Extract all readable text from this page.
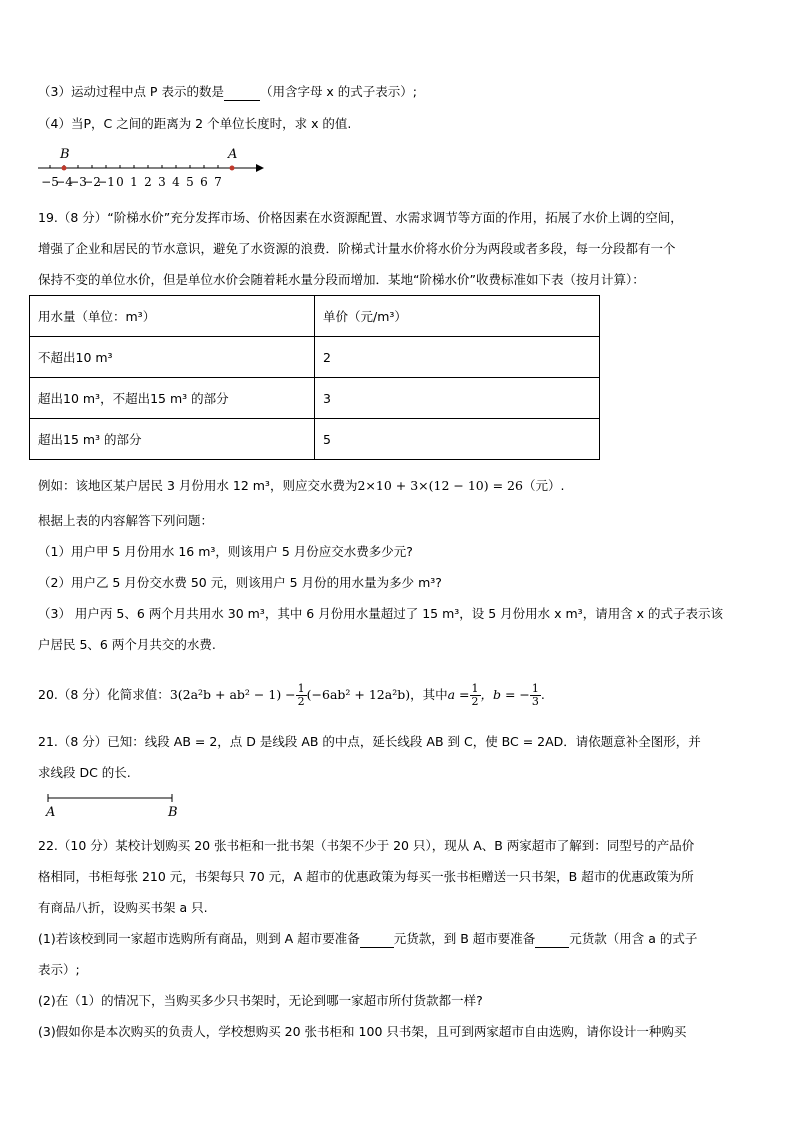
（3）运动过程中点 P 表示的数是	（用含字母 x 的式子表示）;
（4）当P，C 之间的距离为 2 个单位长度时，求 x 的值.
−5
−4
−3
−2
−1 0 1 2 3 4 5 6 7
B	A
19.（8 分）“阶梯水价”充分发挥市场、价格因素在水资源配置、水需求调节等方面的作用，拓展了水价上调的空间，
增强了企业和居民的节水意识，避免了水资源的浪费．阶梯式计量水价将水价分为两段或者多段，每一分段都有一个
保持不变的单位水价，但是单位水价会随着耗水量分段而增加．某地“阶梯水价”收费标准如下表（按月计算）：
用水量（单位：m³）	单价（元/m³）
不超出10 m³	2
超出10 m³，不超出15 m³ 的部分	3
超出15 m³ 的部分	5
例如：该地区某户居民 3 月份用水 12 m³，则应交水费为2×10 + 3×(12 − 10) = 26（元）.
根据上表的内容解答下列问题：
（1）用户甲 5 月份用水 16 m³，则该用户 5 月份应交水费多少元?
（2）用户乙 5 月份交水费 50 元，则该用户 5 月份的用水量为多少 m³?
（3） 用户丙 5、6 两个月共用水 30 m³，其中 6 月份用水量超过了 15 m³，设 5 月份用水 x m³，请用含 x 的式子表示该
户居民 5、6 两个月共交的水费.
20.（8 分）化简求值：$3(2a^2b + ab^2 - 1) - \frac{1}{2} (-6ab^2 + 12a^2b)$，其中$a = \frac{1}{2}$ ，b = − $\frac{1}{3}$ .
21.（8 分）已知：线段 AB = 2，点 D 是线段 AB 的中点，延长线段 AB 到 C，使 BC = 2AD．请依题意补全图形，并
求线段 DC 的长.
A	B
22.（10 分）某校计划购买 20 张书柜和一批书架（书架不少于 20 只），现从 A、B 两家超市了解到：同型号的产品价
格相同，书柜每张 210 元，书架每只 70 元，A 超市的优惠政策为每买一张书柜赠送一只书架，B 超市的优惠政策为所
有商品八折，设购买书架 a 只.
(1)若该校到同一家超市选购所有商品，则到 A 超市要准备	元货款，到 B 超市要准备	元货款（用含 a 的式子
表示）;
(2)在（1）的情况下，当购买多少只书架时，无论到哪一家超市所付货款都一样?
(3)假如你是本次购买的负责人，学校想购买 20 张书柜和 100 只书架，且可到两家超市自由选购，请你设计一种购买
